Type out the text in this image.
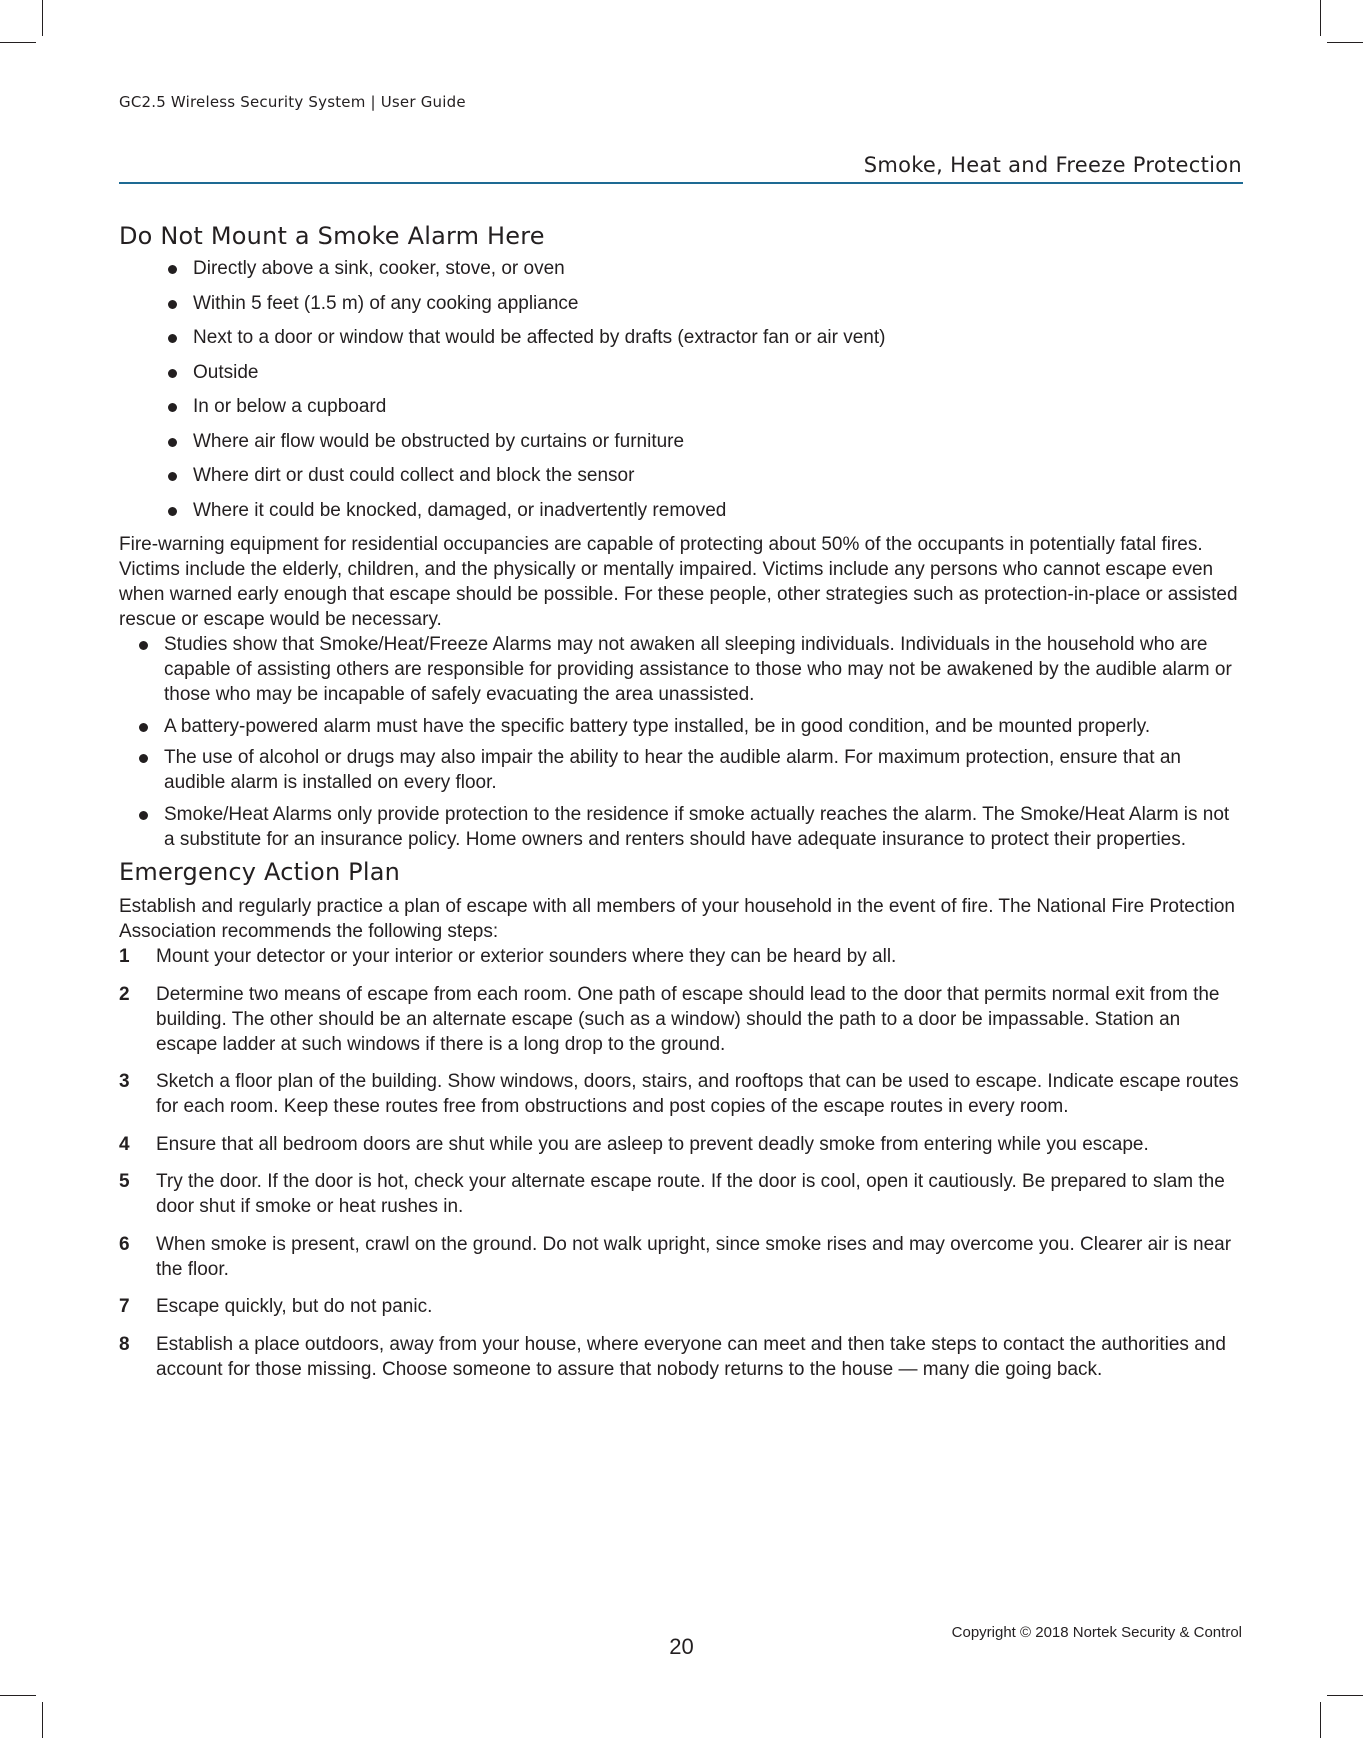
GC2.5 Wireless Security System | User Guide
Smoke, Heat and Freeze Protection
Do Not Mount a Smoke Alarm Here
Directly above a sink, cooker, stove, or oven
Within 5 feet (1.5 m) of any cooking appliance
Next to a door or window that would be affected by drafts (extractor fan or air vent)
Outside
In or below a cupboard
Where air flow would be obstructed by curtains or furniture
Where dirt or dust could collect and block the sensor
Where it could be knocked, damaged, or inadvertently removed

Fire-warning equipment for residential occupancies are capable of protecting about 50% of the occupants in potentially fatal fires. Victims include the elderly, children, and the physically or mentally impaired. Victims include any persons who cannot escape even when warned early enough that escape should be possible. For these people, other strategies such as protection-in-place or assisted rescue or escape would be necessary.

Studies show that Smoke/Heat/Freeze Alarms may not awaken all sleeping individuals. Individuals in the household who are capable of assisting others are responsible for providing assistance to those who may not be awakened by the audible alarm or those who may be incapable of safely evacuating the area unassisted.
A battery-powered alarm must have the specific battery type installed, be in good condition, and be mounted properly.
The use of alcohol or drugs may also impair the ability to hear the audible alarm. For maximum protection, ensure that an audible alarm is installed on every floor.
Smoke/Heat Alarms only provide protection to the residence if smoke actually reaches the alarm. The Smoke/Heat Alarm is not a substitute for an insurance policy. Home owners and renters should have adequate insurance to protect their properties.
Emergency Action Plan

Establish and regularly practice a plan of escape with all members of your household in the event of fire. The National Fire Protection Association recommends the following steps:

1 Mount your detector or your interior or exterior sounders where they can be heard by all.
2 Determine two means of escape from each room. One path of escape should lead to the door that permits normal exit from the building. The other should be an alternate escape (such as a window) should the path to a door be impassable. Station an escape ladder at such windows if there is a long drop to the ground.
3 Sketch a floor plan of the building. Show windows, doors, stairs, and rooftops that can be used to escape. Indicate escape routes for each room. Keep these routes free from obstructions and post copies of the escape routes in every room.
4 Ensure that all bedroom doors are shut while you are asleep to prevent deadly smoke from entering while you escape.
5 Try the door. If the door is hot, check your alternate escape route. If the door is cool, open it cautiously. Be prepared to slam the door shut if smoke or heat rushes in.
6 When smoke is present, crawl on the ground. Do not walk upright, since smoke rises and may overcome you. Clearer air is near the floor.
7 Escape quickly, but do not panic.
8 Establish a place outdoors, away from your house, where everyone can meet and then take steps to contact the authorities and account for those missing. Choose someone to assure that nobody returns to the house — many die going back.
20
Copyright © 2018 Nortek Security & Control
